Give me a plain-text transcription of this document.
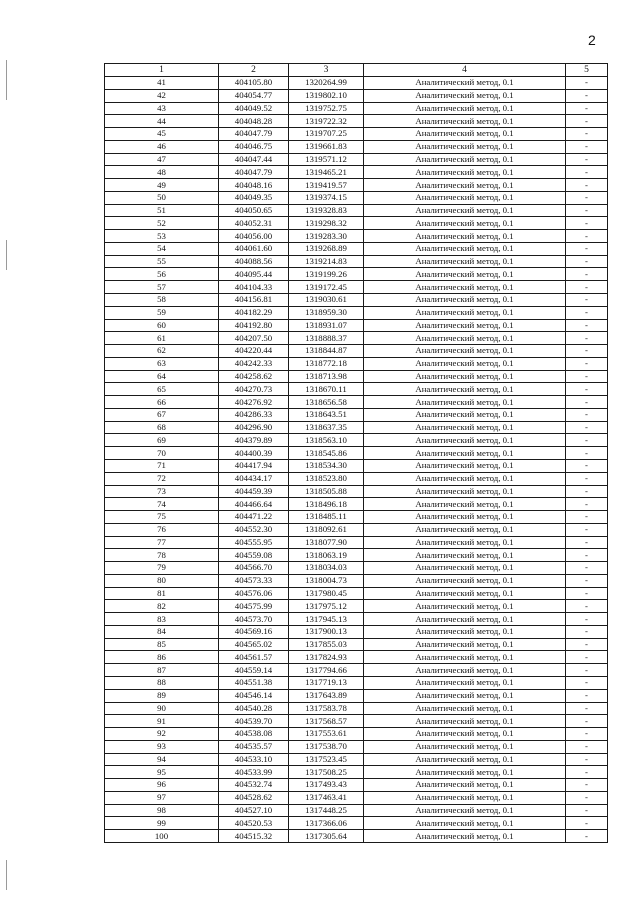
2
1	2	3	4	5
41	404105.80	1320264.99	Аналитический метод, 0.1	-
42	404054.77	1319802.10	Аналитический метод, 0.1	-
43	404049.52	1319752.75	Аналитический метод, 0.1	-
44	404048.28	1319722.32	Аналитический метод, 0.1	-
45	404047.79	1319707.25	Аналитический метод, 0.1	-
46	404046.75	1319661.83	Аналитический метод, 0.1	-
47	404047.44	1319571.12	Аналитический метод, 0.1	-
48	404047.79	1319465.21	Аналитический метод, 0.1	-
49	404048.16	1319419.57	Аналитический метод, 0.1	-
50	404049.35	1319374.15	Аналитический метод, 0.1	-
51	404050.65	1319328.83	Аналитический метод, 0.1	-
52	404052.31	1319298.32	Аналитический метод, 0.1	-
53	404056.00	1319283.30	Аналитический метод, 0.1	-
54	404061.60	1319268.89	Аналитический метод, 0.1	-
55	404088.56	1319214.83	Аналитический метод, 0.1	-
56	404095.44	1319199.26	Аналитический метод, 0.1	-
57	404104.33	1319172.45	Аналитический метод, 0.1	-
58	404156.81	1319030.61	Аналитический метод, 0.1	-
59	404182.29	1318959.30	Аналитический метод, 0.1	-
60	404192.80	1318931.07	Аналитический метод, 0.1	-
61	404207.50	1318888.37	Аналитический метод, 0.1	-
62	404220.44	1318844.87	Аналитический метод, 0.1	-
63	404242.33	1318772.18	Аналитический метод, 0.1	-
64	404258.62	1318713.98	Аналитический метод, 0.1	-
65	404270.73	1318670.11	Аналитический метод, 0.1	-
66	404276.92	1318656.58	Аналитический метод, 0.1	-
67	404286.33	1318643.51	Аналитический метод, 0.1	-
68	404296.90	1318637.35	Аналитический метод, 0.1	-
69	404379.89	1318563.10	Аналитический метод, 0.1	-
70	404400.39	1318545.86	Аналитический метод, 0.1	-
71	404417.94	1318534.30	Аналитический метод, 0.1	-
72	404434.17	1318523.80	Аналитический метод, 0.1	-
73	404459.39	1318505.88	Аналитический метод, 0.1	-
74	404466.64	1318496.18	Аналитический метод, 0.1	-
75	404471.22	1318485.11	Аналитический метод, 0.1	-
76	404552.30	1318092.61	Аналитический метод, 0.1	-
77	404555.95	1318077.90	Аналитический метод, 0.1	-
78	404559.08	1318063.19	Аналитический метод, 0.1	-
79	404566.70	1318034.03	Аналитический метод, 0.1	-
80	404573.33	1318004.73	Аналитический метод, 0.1	-
81	404576.06	1317980.45	Аналитический метод, 0.1	-
82	404575.99	1317975.12	Аналитический метод, 0.1	-
83	404573.70	1317945.13	Аналитический метод, 0.1	-
84	404569.16	1317900.13	Аналитический метод, 0.1	-
85	404565.02	1317855.03	Аналитический метод, 0.1	-
86	404561.57	1317824.93	Аналитический метод, 0.1	-
87	404559.14	1317794.66	Аналитический метод, 0.1	-
88	404551.38	1317719.13	Аналитический метод, 0.1	-
89	404546.14	1317643.89	Аналитический метод, 0.1	-
90	404540.28	1317583.78	Аналитический метод, 0.1	-
91	404539.70	1317568.57	Аналитический метод, 0.1	-
92	404538.08	1317553.61	Аналитический метод, 0.1	-
93	404535.57	1317538.70	Аналитический метод, 0.1	-
94	404533.10	1317523.45	Аналитический метод, 0.1	-
95	404533.99	1317508.25	Аналитический метод, 0.1	-
96	404532.74	1317493.43	Аналитический метод, 0.1	-
97	404528.62	1317463.41	Аналитический метод, 0.1	-
98	404527.10	1317448.25	Аналитический метод, 0.1	-
99	404520.53	1317366.06	Аналитический метод, 0.1	-
100	404515.32	1317305.64	Аналитический метод, 0.1	-
